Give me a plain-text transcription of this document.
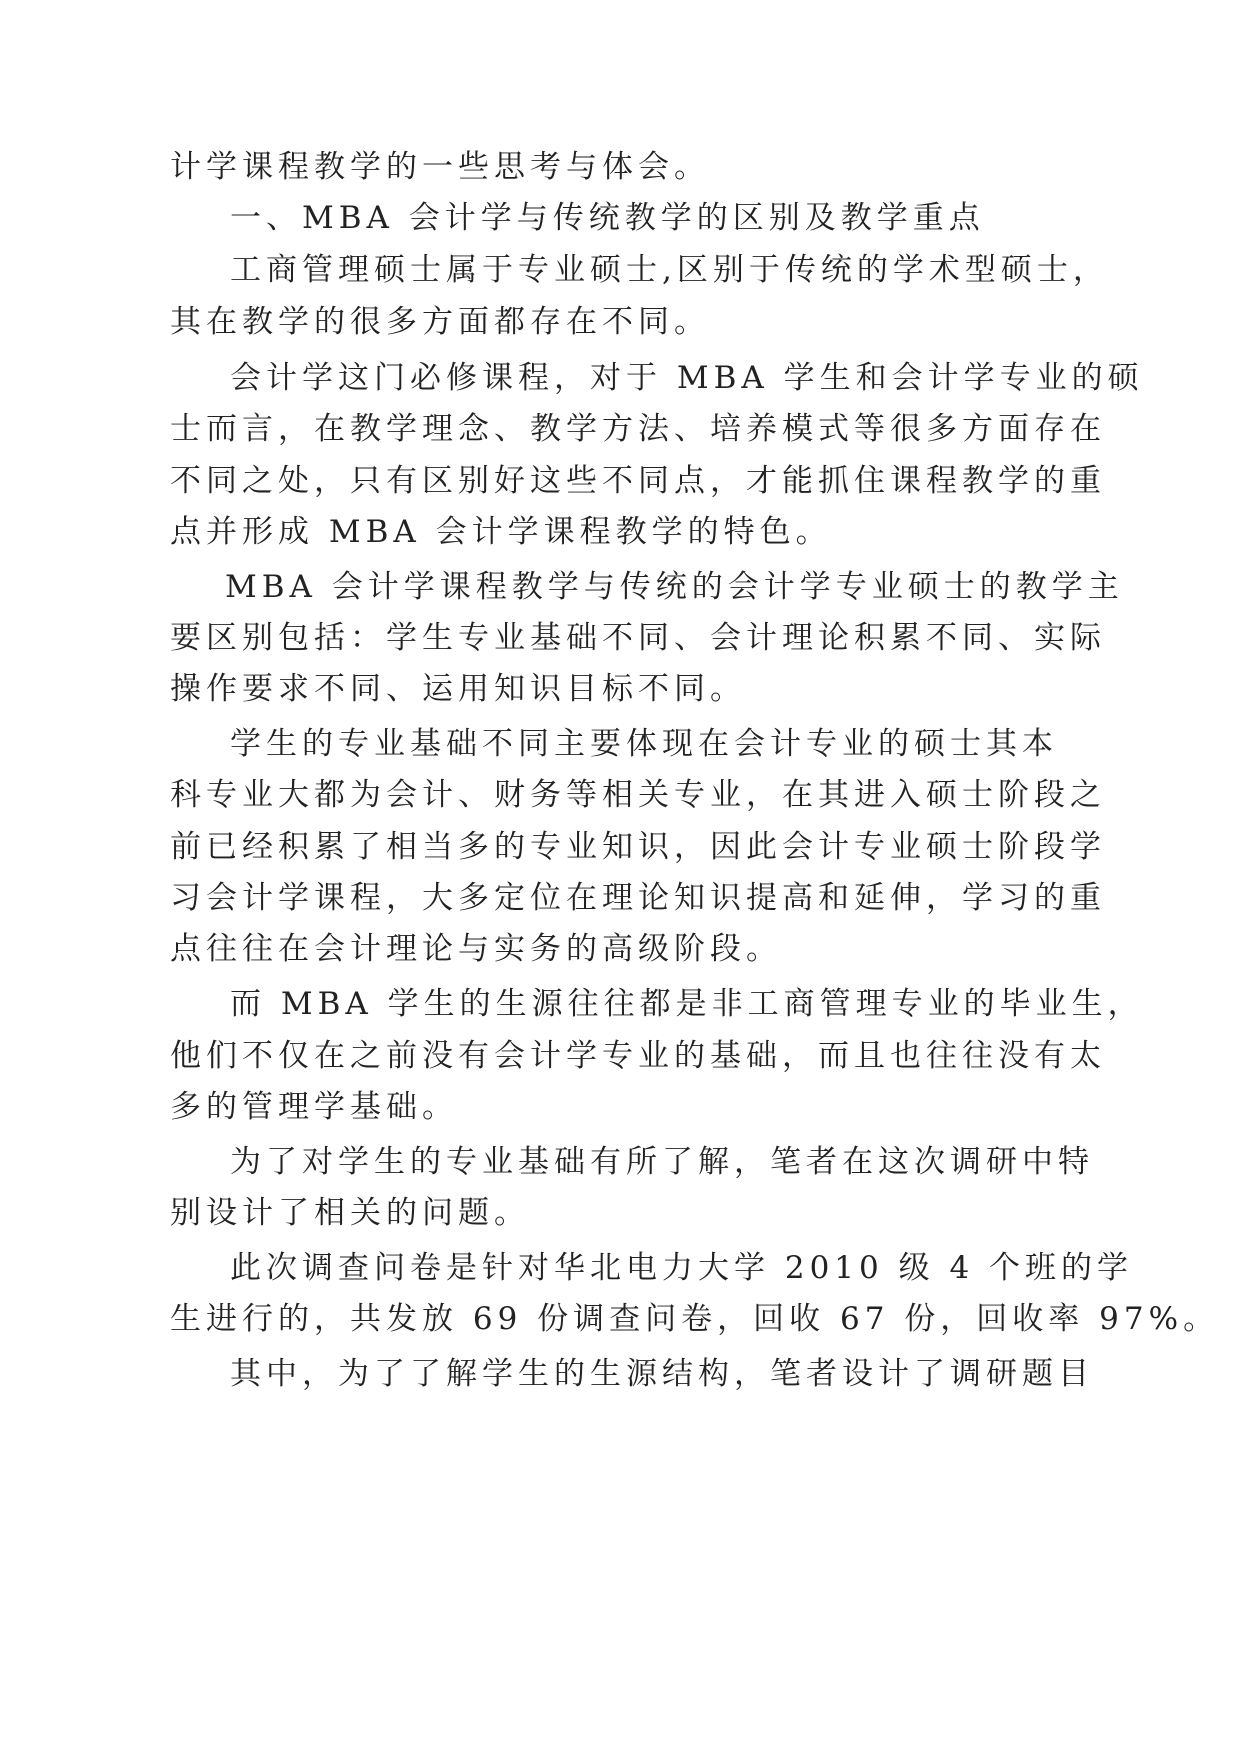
计学课程教学的一些思考与体会。
一、MBA 会计学与传统教学的区别及教学重点
工商管理硕士属于专业硕士,区别于传统的学术型硕士，
其在教学的很多方面都存在不同。
会计学这门必修课程，对于 MBA 学生和会计学专业的硕
士而言，在教学理念、教学方法、培养模式等很多方面存在
不同之处，只有区别好这些不同点，才能抓住课程教学的重
点并形成 MBA 会计学课程教学的特色。
MBA 会计学课程教学与传统的会计学专业硕士的教学主
要区别包括：学生专业基础不同、会计理论积累不同、实际
操作要求不同、运用知识目标不同。
学生的专业基础不同主要体现在会计专业的硕士其本
科专业大都为会计、财务等相关专业，在其进入硕士阶段之
前已经积累了相当多的专业知识，因此会计专业硕士阶段学
习会计学课程，大多定位在理论知识提高和延伸，学习的重
点往往在会计理论与实务的高级阶段。
而 MBA 学生的生源往往都是非工商管理专业的毕业生，
他们不仅在之前没有会计学专业的基础，而且也往往没有太
多的管理学基础。
为了对学生的专业基础有所了解，笔者在这次调研中特
别设计了相关的问题。
此次调查问卷是针对华北电力大学 2010 级 4 个班的学
生进行的，共发放 69 份调查问卷，回收 67 份，回收率 97%。
其中，为了了解学生的生源结构，笔者设计了调研题目
